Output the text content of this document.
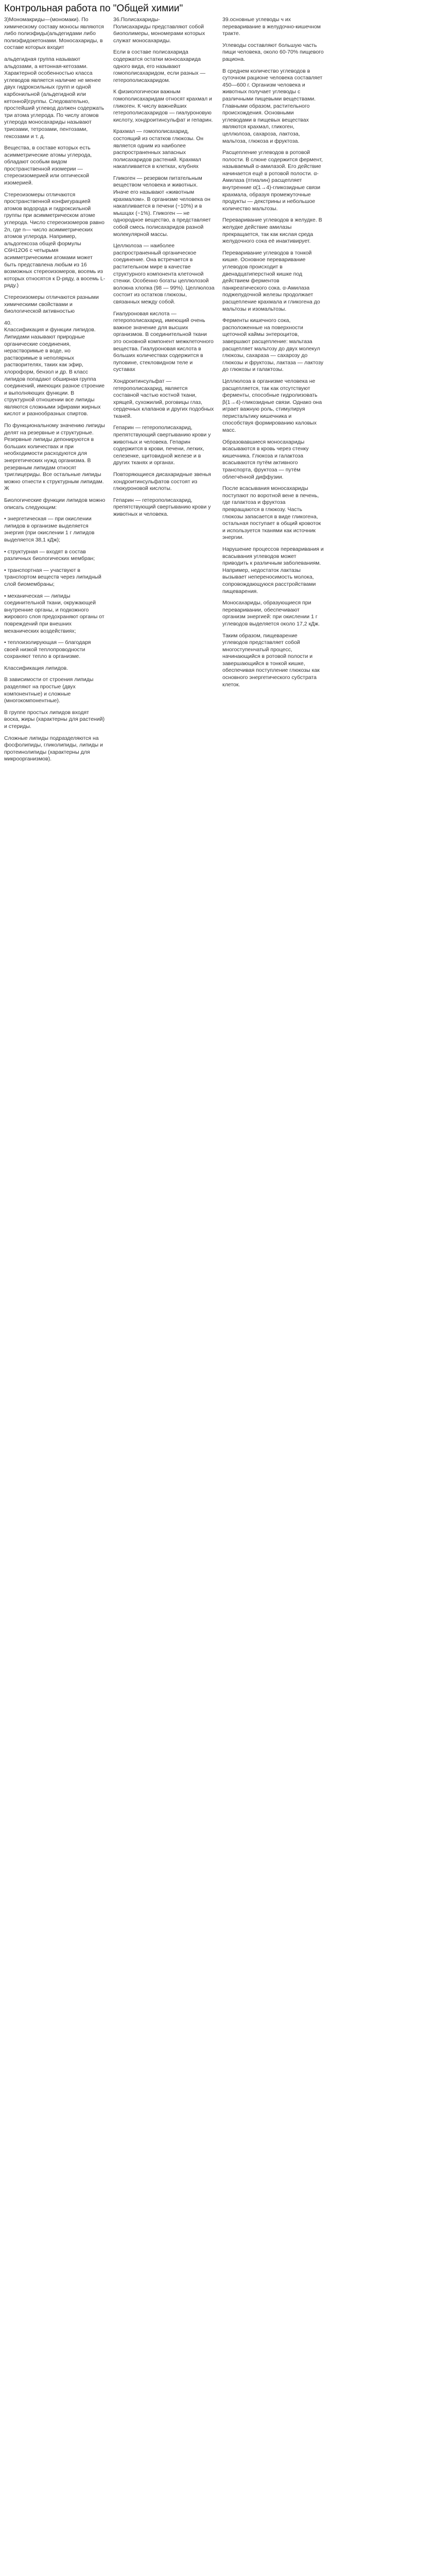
Контрольная работа по "Общей химии"

3)Мономакриды—(мономаки). По химическому составу моносы являются либо полиэфиды(альдегидами либо полиэфидокетонами. Моносахариды, в составе которых входит

альдегидная группа называют альдозами, а кетонная-кетозами. Характерной особенностью класса углеводов является наличие не менее двух гидроксильных групп и одной карбонильной (альдегидной или кетонной)группы. Следовательно, простейший углевод должен содержать три атома углерода. По числу атомов углерода моносахариды называют триозами, тетрозами, пентозами, гексозами и т. д.

Вещества, в составе которых есть асимметрические атомы углерода, обладают особым видом пространственной изомерии — стереоизомерией или оптической изомерией.

Стереоизомеры отличаются пространственной конфигурацией атомов водорода и гидроксильной группы при асимметрическом атоме углерода. Число стереоизомеров равно 2n, где n— число асимметрических атомов углерода. Например, альдогексоза общей формулы C6H12O6 с четырьмя асимметрическими атомами может быть представлена любым из 16 возможных стереоизомеров, восемь из которых относятся к D-ряду, а восемь L-ряду.)

Стереоизомеры отличаются разными химическими свойствами и биологической активностью

40.
Классификация и функции липидов.
Липидами называют природные органические соединения, нерастворимые в воде, но растворимые в неполярных растворителях, таких как эфир, хлороформ, бензол и др. В класс липидов попадают обширная группа соединений, имеющих разное строение и выполняющих функции. В структурной отношении все липиды являются сложными эфирами жирных кислот и разнообразных спиртов.

По функциональному значению липиды делят на резервные и структурные. Резервные липиды депонируются в больших количествах и при необходимости расходуются для энергетических нужд организма. В резервным липидам относят триглицериды. Все остальные липиды можно отнести к структурным липидам. Ж

Биологические функции липидов можно описать следующим:

• энергетическая — при окислении липидов в организме выделяется энергия (при окислении 1 г липидов выделяется 38,1 кДж);

• структурная — входят в состав различных биологических мембран;

• транспортная — участвуют в транспортом веществ через липидный слой биомембраны;

• механическая — липиды соединительной ткани, окружающей внутренние органы, и подкожного жирового слоя предохраняют органы от повреждений при внешних механических воздействиях;

• теплоизолирующая — благодаря своей низкой теплопроводности сохраняют тепло в организме.

Классификация липидов.

В зависимости от строения липиды разделяют на простые (двух компонентные) и сложные (многокомпонентные).

В группе простых липидов входят воска, жиры (характерны для растений) и стериды.

Сложные липиды подразделяются на фосфолипиды, гликолипиды, липиды и протеинолипиды (характерны для микроорганизмов).

36.Полисахариды-
Полисахариды представляют собой биополимеры, мономерами которых служат моносахариды.

Если в составе полисахарида содержатся остатки моносахарида одного вида, его называют гомополисахаридом, если разных — гетерополисахаридом.

К физиологически важным гомополисахаридам относят крахмал и гликоген. К числу важнейших гетерополисахаридов — гиалуроновую кислоту, хондроитинсульфат и гепарин.

Крахмал — гомополисахарид, состоящий из остатков глюкозы. Он является одним из наиболее распространенных запасных полисахаридов растений. Крахмал накапливается в клетках, клубнях

Гликоген — резервом питательным веществом человека и животных. Иначе его называют «животным крахмалом». В организме человека он накапливается в печени (~10%) и в мышцах (~1%). Гликоген — не однородное вещество, а представляет собой смесь полисахаридов разной молекулярной массы.

Целлюлоза — наиболее распространенный органическое соединение. Она встречается в растительном мире в качестве структурного компонента клеточной стенки. Особенно богаты целлюлозой волокна хлопка (98 — 99%). Целлюлоза состоит из остатков глюкозы, связанных между собой.

Гиалуроновая кислота — гетерополисахарид, имеющий очень важное значение для высших организмов. В соединительной ткани это основной компонент межклеточного вещества. Гиалуроновая кислота в больших количествах содержится в пуповине, стекловидном теле и суставах

Хондроитинсульфат — гетерополисахарид, является составной частью костной ткани, хрящей, сухожилий, роговицы глаз, сердечных клапанов и других подобных тканей.

Гепарин — гетерополисахарид, препятствующий свертыванию крови у животных и человека. Гепарин содержится в крови, печени, легких, селезенке, щитовидной железе и в других тканях и органах.

Повторяющиеся дисахаридные звенья хондроитинсульфатов состоят из глюкуроновой кислоты.

Гепарин — гетерополисахарид, препятствующий свертыванию крови у животных и человека.

39.основные углеводы ч их переваривание в желудочно-кишечном тракте.

Углеводы составляют большую часть пищи человека, около 60-70% пищевого рациона.

В среднем количество углеводов в суточном рационе человека составляет 450—600 г. Организм человека и животных получает углеводы с различными пищевыми веществами. Главными образом, растительного происхождения. Основными углеводами в пищевых веществах являются крахмал, гликоген, целлюлоза, сахароза, лактоза, мальтоза, глюкоза и фруктоза.

Расщепление углеводов в ротовой полости. В слюне содержится фермент, называемый α-амилазой. Его действие начинается ещё в ротовой полости. α-Амилаза (птиалин) расщепляет внутренние α(1→4)-гликозидные связи крахмала, образуя промежуточные продукты — декстрины и небольшое количество мальтозы.

Переваривание углеводов в желудке. В желудке действие амилазы прекращается, так как кислая среда желудочного сока её инактивирует.

Переваривание углеводов в тонкой кишке. Основное переваривание углеводов происходит в двенадцатиперстной кишке под действием ферментов панкреатического сока. α-Амилаза поджелудочной железы продолжает расщепление крахмала и гликогена до мальтозы и изомальтозы.

Ферменты кишечного сока, расположенные на поверхности щеточной каймы энтероцитов, завершают расщепление: мальтаза расщепляет мальтозу до двух молекул глюкозы, сахараза — сахарозу до глюкозы и фруктозы, лактаза — лактозу до глюкозы и галактозы.

Целлюлоза в организме человека не расщепляется, так как отсутствуют ферменты, способные гидролизовать β(1→4)-гликозидные связи. Однако она играет важную роль, стимулируя перистальтику кишечника и способствуя формированию каловых масс.

Образовавшиеся моносахариды всасываются в кровь через стенку кишечника. Глюкоза и галактоза всасываются путём активного транспорта, фруктоза — путём облегчённой диффузии.

После всасывания моносахариды поступают по воротной вене в печень, где галактоза и фруктоза превращаются в глюкозу. Часть глюкозы запасается в виде гликогена, остальная поступает в общий кровоток и используется тканями как источник энергии.

Нарушение процессов переваривания и всасывания углеводов может приводить к различным заболеваниям. Например, недостаток лактазы вызывает непереносимость молока, сопровождающуюся расстройствами пищеварения.

Моносахариды, образующиеся при переваривании, обеспечивают организм энергией: при окислении 1 г углеводов выделяется около 17,2 кДж.

Таким образом, пищеварение углеводов представляет собой многоступенчатый процесс, начинающийся в ротовой полости и завершающийся в тонкой кишке, обеспечивая поступление глюкозы как основного энергетического субстрата клеток.
